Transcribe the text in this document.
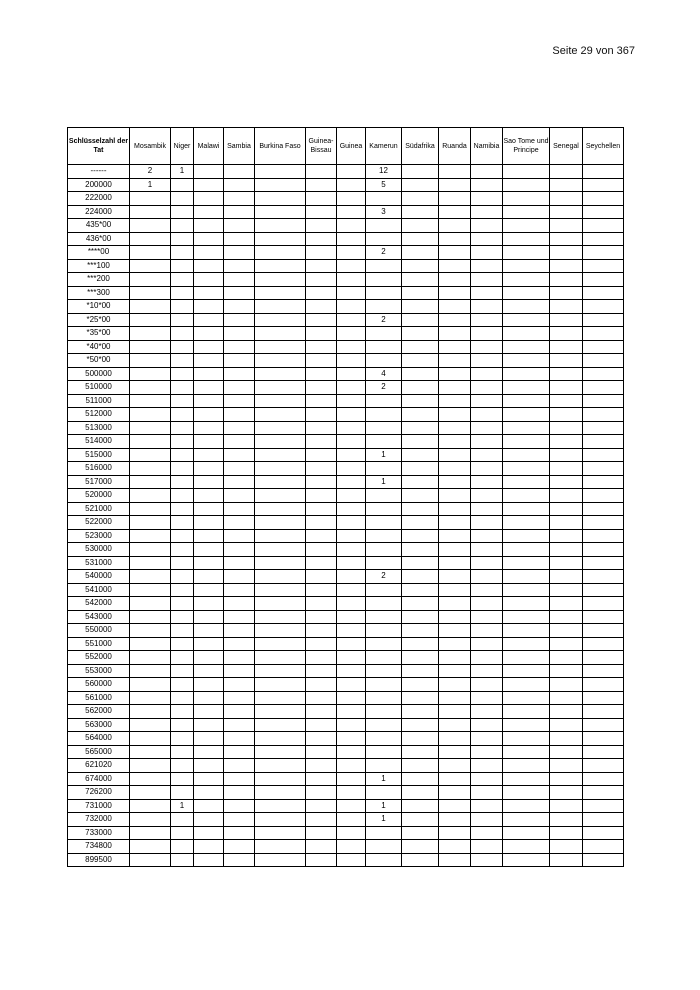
Seite 29 von 367
Schlüsselzahl der Tat	Mosambik	Niger	Malawi	Sambia	Burkina Faso	Guinea-Bissau	Guinea	Kamerun	Südafrika	Ruanda	Namibia	Sao Tome und Principe	Senegal	Seychellen
------	2	1						12						
200000	1							5						
222000														
224000								3						
435*00														
436*00														
****00								2						
***100														
***200														
***300														
*10*00														
*25*00								2						
*35*00														
*40*00														
*50*00														
500000								4						
510000								2						
511000														
512000														
513000														
514000														
515000								1						
516000														
517000								1						
520000														
521000														
522000														
523000														
530000														
531000														
540000								2						
541000														
542000														
543000														
550000														
551000														
552000														
553000														
560000														
561000														
562000														
563000														
564000														
565000														
621020														
674000								1						
726200														
731000		1						1						
732000								1						
733000														
734800														
899500														
